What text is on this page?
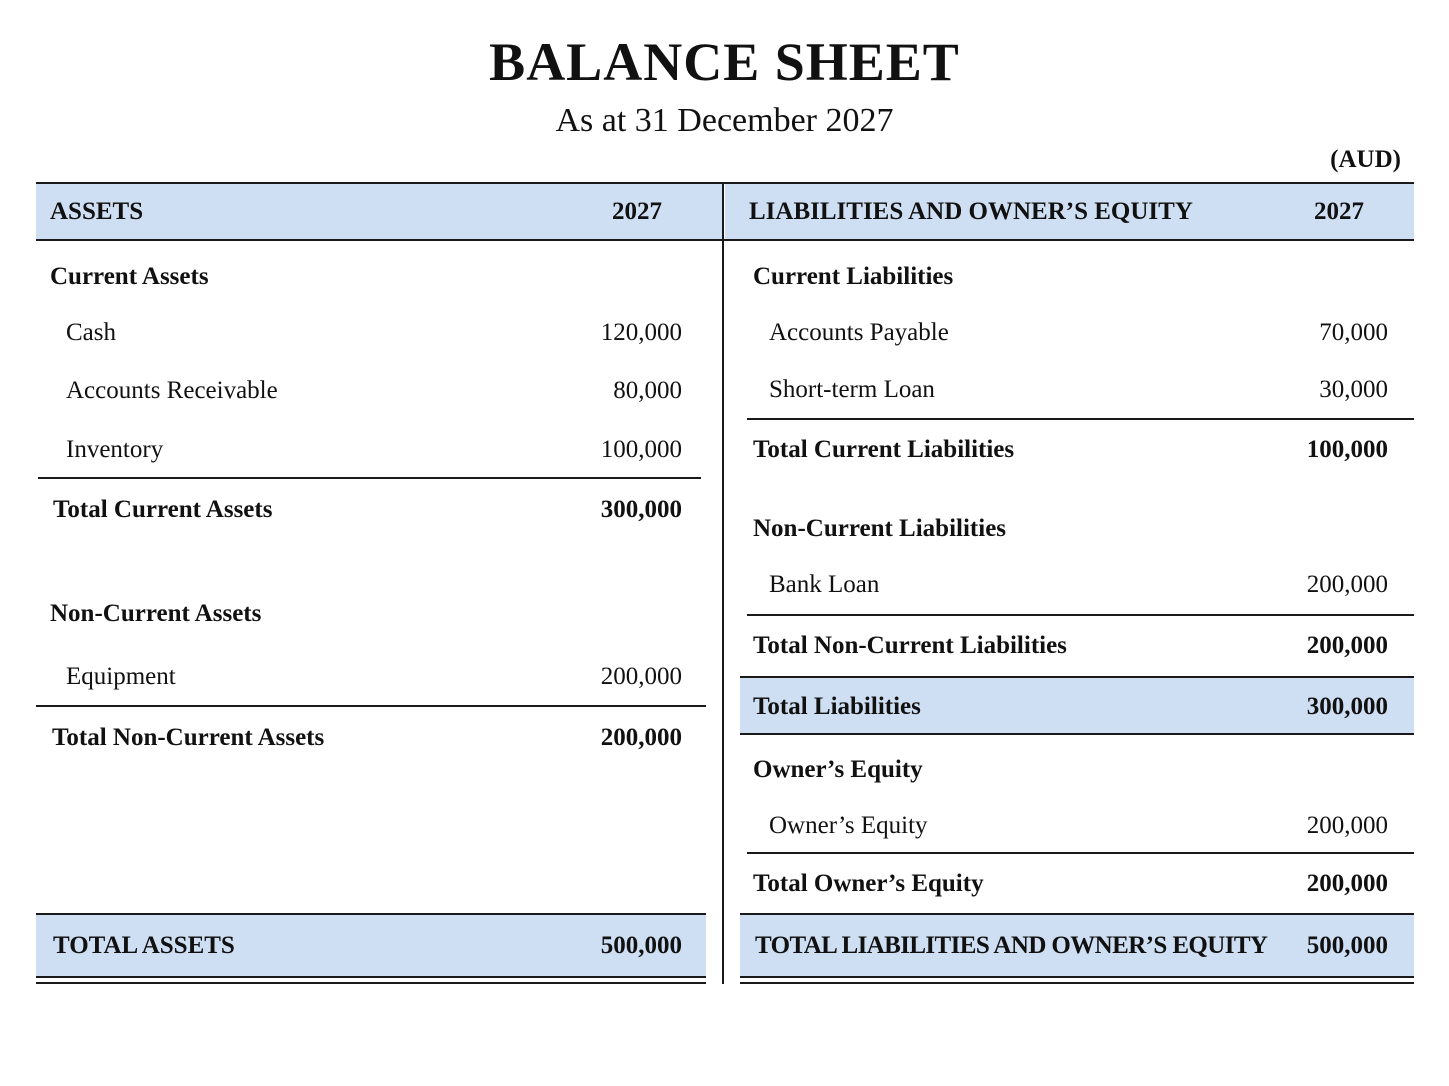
BALANCE SHEET
As at 31 December 2027
(AUD)
ASSETS	2027
Current Assets
Cash	120,000
Accounts Receivable	80,000
Inventory	100,000
Total Current Assets	300,000
Non-Current Assets
Equipment	200,000
Total Non-Current Assets	200,000
TOTAL ASSETS	500,000
LIABILITIES AND OWNER’S EQUITY	2027
Current Liabilities
Accounts Payable	70,000
Short-term Loan	30,000
Total Current Liabilities	100,000
Non-Current Liabilities
Bank Loan	200,000
Total Non-Current Liabilities	200,000
Total Liabilities	300,000
Owner’s Equity
Owner’s Equity	200,000
Total Owner’s Equity	200,000
TOTAL LIABILITIES AND OWNER’S EQUITY 500,000
